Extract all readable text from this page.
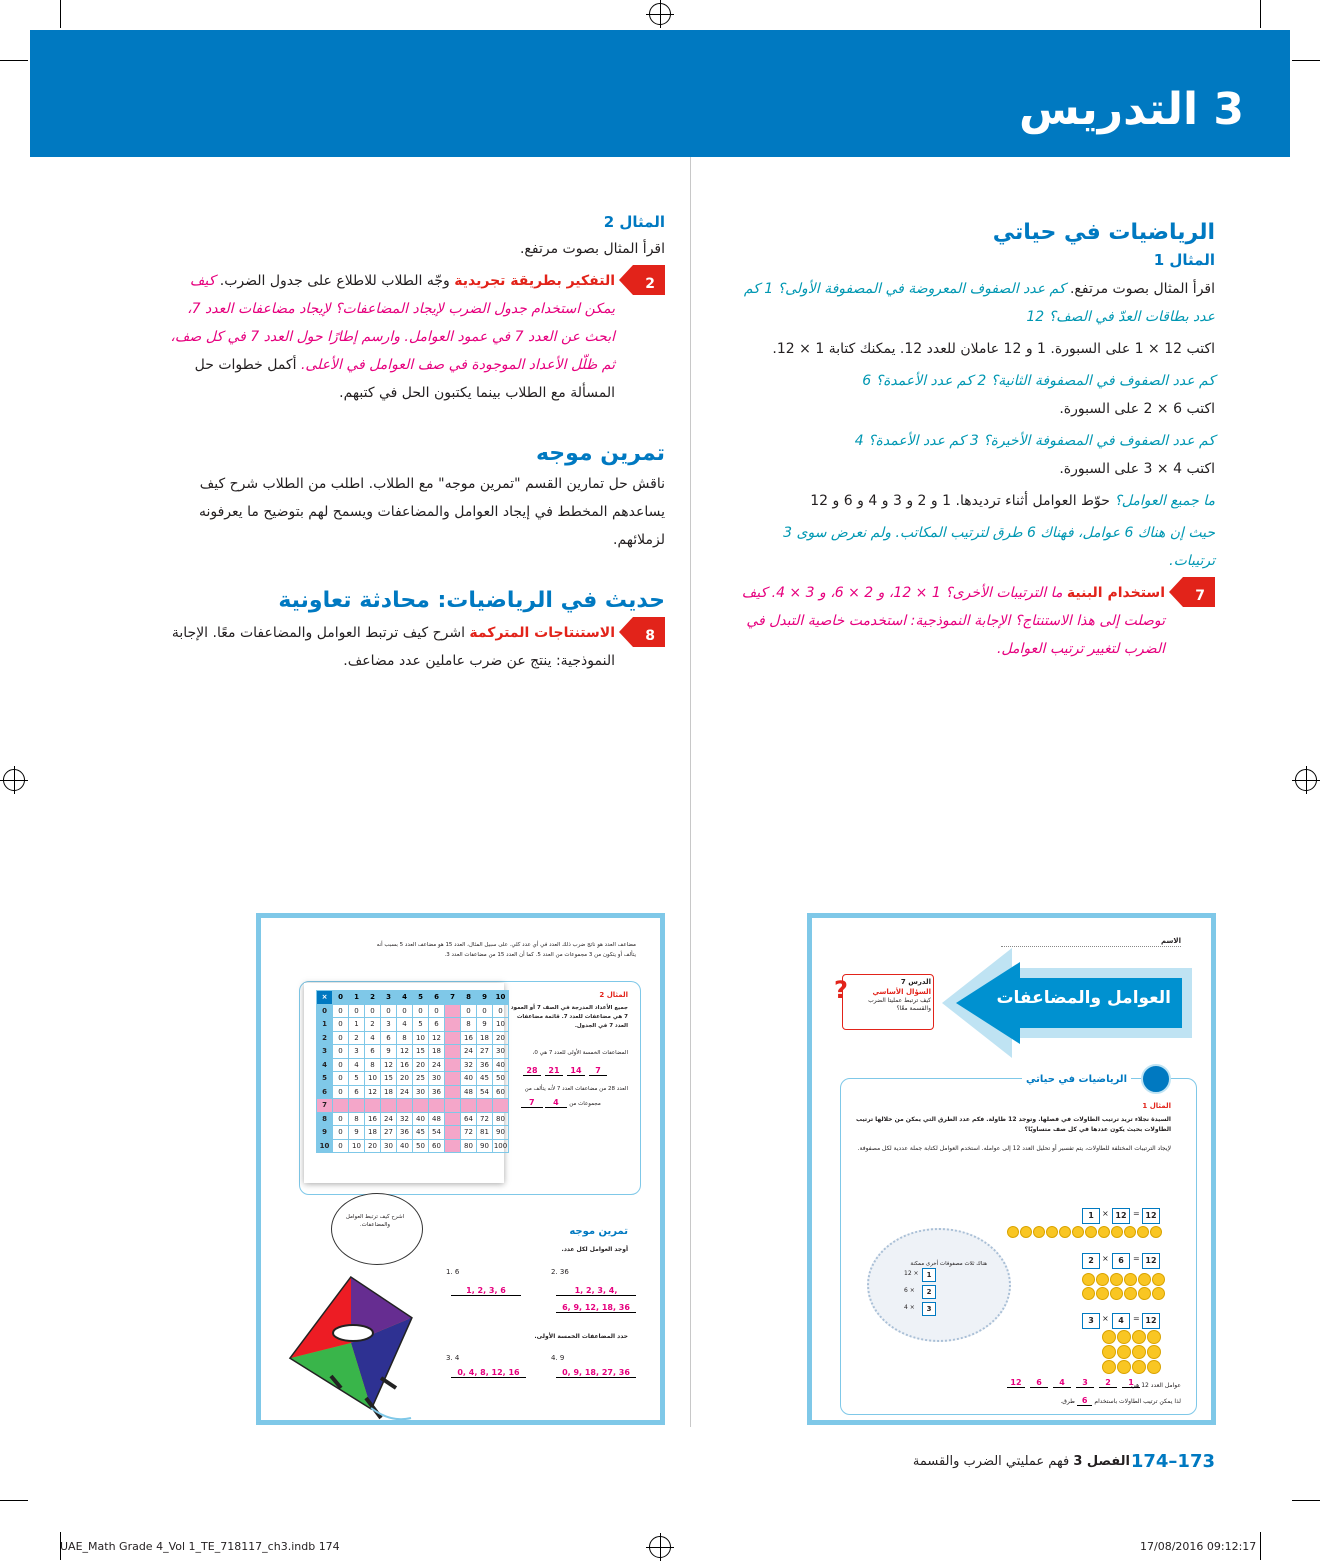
3 التدريس
الرياضيات في حياتي
المثال 1
اقرأ المثال بصوت مرتفع. كم عدد الصفوف المعروضة في المصفوفة الأولى؟ 1 كم عدد بطاقات العدّ في الصف؟ 12
اكتب 12 × 1 على السبورة. 1 و 12 عاملان للعدد 12. يمكنك كتابة 1 × 12.
كم عدد الصفوف في المصفوفة الثانية؟ 2 كم عدد الأعمدة؟ 6
اكتب 6 × 2 على السبورة.
كم عدد الصفوف في المصفوفة الأخيرة؟ 3 كم عدد الأعمدة؟ 4
اكتب 4 × 3 على السبورة.
ما جميع العوامل؟ حوّط العوامل أثناء ترديدها. 1 و 2 و 3 و 4 و 6 و 12
حيث إن هناك 6 عوامل، فهناك 6 طرق لترتيب المكاتب. ولم نعرض سوى 3 ترتيبات.
7
استخدام البنية ما الترتيبات الأخرى؟ 1 × 12، و 2 × 6، و 3 × 4. كيف توصلت إلى هذا الاستنتاج؟ الإجابة النموذجية: استخدمت خاصية التبدل في الضرب لتغيير ترتيب العوامل.
المثال 2
اقرأ المثال بصوت مرتفع.
2
التفكير بطريقة تجريدية وجّه الطلاب للاطلاع على جدول الضرب. كيف يمكن استخدام جدول الضرب لإيجاد المضاعفات؟ لإيجاد مضاعفات العدد 7، ابحث عن العدد 7 في عمود العوامل. وارسم إطارًا حول العدد 7 في كل صف، ثم ظلّل الأعداد الموجودة في صف العوامل في الأعلى. أكمل خطوات حل المسألة مع الطلاب بينما يكتبون الحل في كتبهم.
تمرين موجه
ناقش حل تمارين القسم "تمرين موجه" مع الطلاب. اطلب من الطلاب شرح كيف يساعدهم المخطط في إيجاد العوامل والمضاعفات ويسمح لهم بتوضيح ما يعرفونه لزملائهم.
حديث في الرياضيات: محادثة تعاونية
8
الاستنتاجات المتركمة اشرح كيف ترتبط العوامل والمضاعفات معًا. الإجابة النموذجية: ينتج عن ضرب عاملين عدد مضاعف.
الاسم
العوامل والمضاعفات
الدرس 7
السؤال الأساسي
كيف ترتبط عمليتا الضرب والقسمة معًا؟
?
الرياضيات في حياتي
المثال 1
السيدة نجلاء تريد ترتيب الطاولات في فصلها. وتوجد 12 طاولة. فكم عدد الطرق التي يمكن من خلالها ترتيب الطاولات بحيث يكون عددها في كل صف متساويًا؟
لإيجاد الترتيبات المختلفة للطاولات، يتم تفسير أو تحليل العدد 12 إلى عوامله. استخدم العوامل لكتابة جملة عددية لكل مصفوفة.
1	× 12 = 12
2	×	6	= 12
3	×	4	= 12
هناك ثلاث مصفوفات أخرى ممكنة
12 ×	1
6 ×	2
4 ×	3
عوامل العدد 12 هي
12	6	4	3	2	1
لذا يمكن ترتيب الطاولات باستخدام 6 طرق.
مضاعف العدد هو ناتج ضرب ذلك العدد في أي عدد كلي. على سبيل المثال، العدد 15 هو مضاعف العدد 5 بسبب أنه يتألف أو يتكون من 3 مجموعات من العدد 5. كما أن العدد 15 من مضاعفات العدد 3.
×	0	1	2	3	4	5	6	7	8	9	10
0	0	0	0	0	0	0	0		0	0	0
1	0	1	2	3	4	5	6		8	9	10
2	0	2	4	6	8	10	12		16	18	20
3	0	3	6	9	12	15	18		24	27	30
4	0	4	8	12	16	20	24		32	36	40
5	0	5	10	15	20	25	30		40	45	50
6	0	6	12	18	24	30	36		48	54	60
7											
8	0	8	16	24	32	40	48		64	72	80
9	0	9	18	27	36	45	54		72	81	90
10	0	10	20	30	40	50	60		80	90	100
المثال 2
جميع الأعداد المدرجة في الصف 7 أو العمود 7 هي مضاعفات للعدد 7. قائمة مضاعفات العدد 7 في الجدول.
المضاعفات الخمسة الأولى للعدد 7 هي 0،
28	21	14	7
العدد 28 من مضاعفات العدد 7 لأنه يتألف من
7	مجموعات من 4
تمرين موجه
أوجد العوامل لكل عدد.
1. 6
1, 2, 3, 6
2. 36
1, 2, 3, 4,
6, 9, 12, 18, 36
حدد المضاعفات الخمسة الأولى.
3. 4
0, 4, 8, 12, 16
4. 9
0, 9, 18, 27, 36
اشرح كيف ترتبط العوامل والمضاعفات.
173–174
الفصل 3 فهم عمليتي الضرب والقسمة
UAE_Math Grade 4_Vol 1_TE_718117_ch3.indb 174	17/08/2016 09:12:17
